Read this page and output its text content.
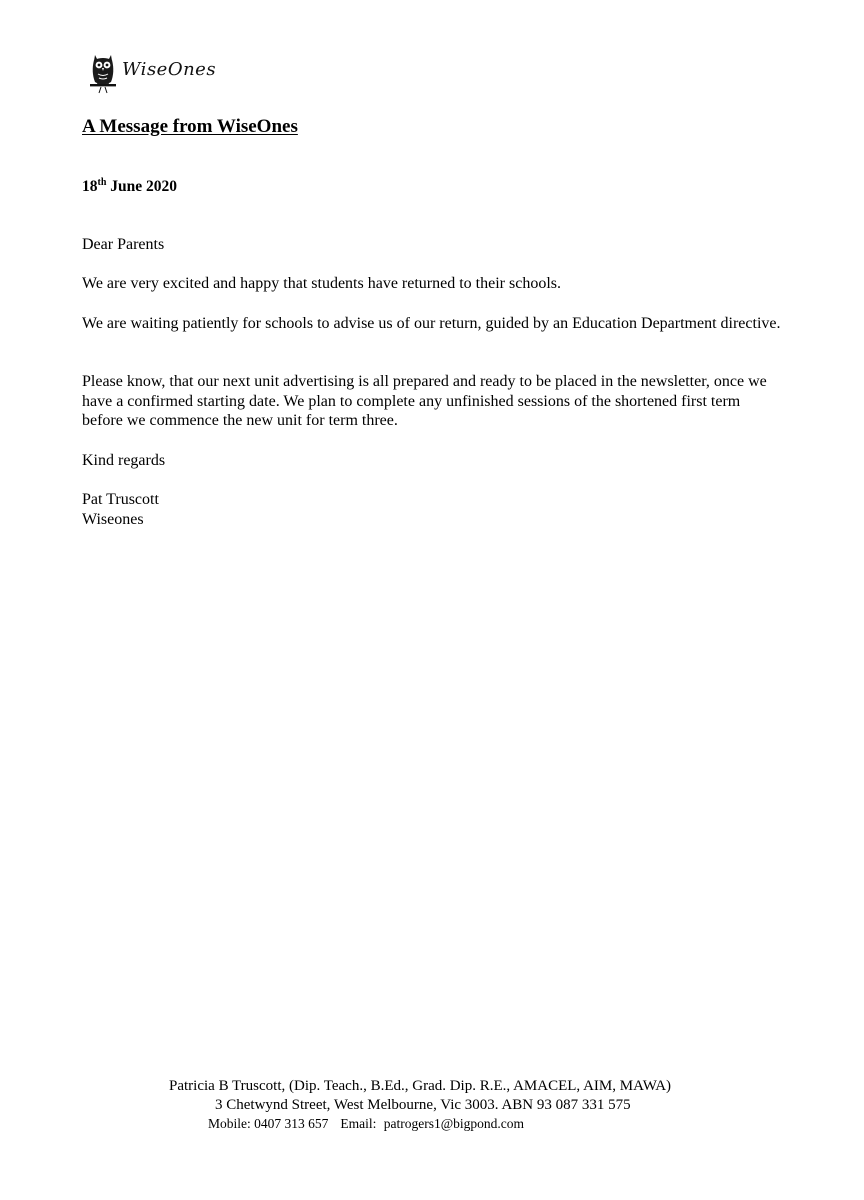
WiseOnes
A Message from WiseOnes
18th June 2020

Dear Parents

We are very excited and happy that students have returned to their schools.

We are waiting patiently for schools to advise us of our return, guided by an Education Department directive.

Please know, that our next unit advertising is all prepared and ready to be placed in the newsletter, once we have a confirmed starting date. We plan to complete any unfinished sessions of the shortened first term before we commence the new unit for term three.

Kind regards

Pat Truscott

Wiseones

Patricia B Truscott, (Dip. Teach., B.Ed., Grad. Dip. R.E., AMACEL, AIM, MAWA)
3 Chetwynd Street, West Melbourne, Vic 3003. ABN 93 087 331 575
Mobile: 0407 313 657 Email: patrogers1@bigpond.com
